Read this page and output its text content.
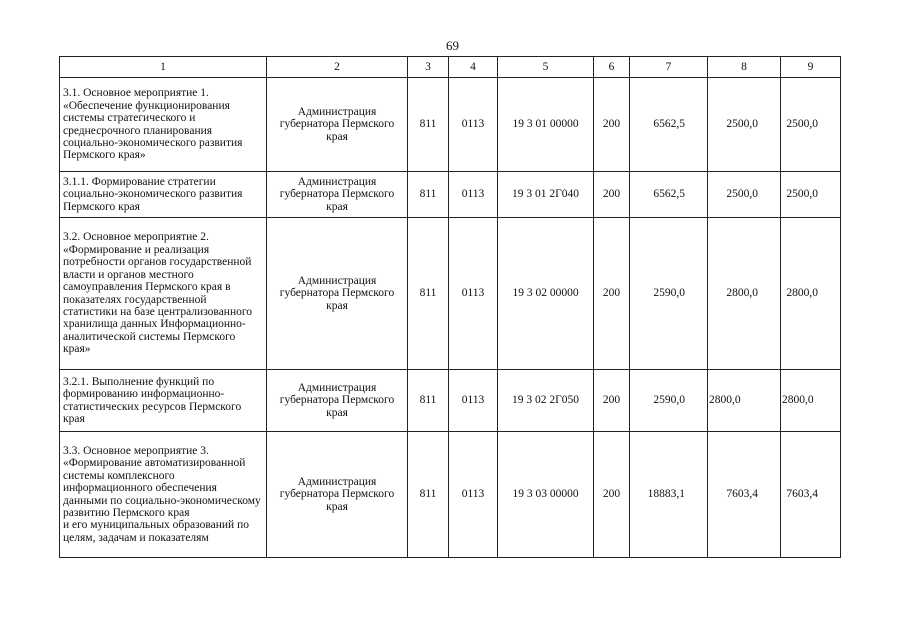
69
1	2	3	4	5	6	7	8	9
3.1. Основное мероприятие 1.
«Обеспечение функционирования системы стратегического и среднесрочного планирования социально-экономического развития Пермского края»	Администрация губернатора Пермского края	811	0113	19 3 01 00000	200	6562,5	2500,0	2500,0
3.1.1. Формирование стратегии социально-экономического развития Пермского края	Администрация губернатора Пермского края	811	0113	19 3 01 2Г040	200	6562,5	2500,0	2500,0
3.2. Основное мероприятие 2.
«Формирование и реализация потребности органов государственной власти и органов местного самоуправления Пермского края в показателях государственной статистики на базе централизованного хранилища данных Информационно-аналитической системы Пермского края»	Администрация губернатора Пермского края	811	0113	19 3 02 00000	200	2590,0	2800,0	2800,0
3.2.1. Выполнение функций по формированию информационно-статистических ресурсов Пермского края	Администрация губернатора Пермского края	811	0113	19 3 02 2Г050	200	2590,0	2800,0	2800,0
3.3. Основное мероприятие 3.
«Формирование автоматизированной системы комплексного информационного обеспечения данными по социально-экономическому развитию Пермского края
и его муниципальных образований по целям, задачам и показателям	Администрация губернатора Пермского края	811	0113	19 3 03 00000	200	18883,1	7603,4	7603,4
